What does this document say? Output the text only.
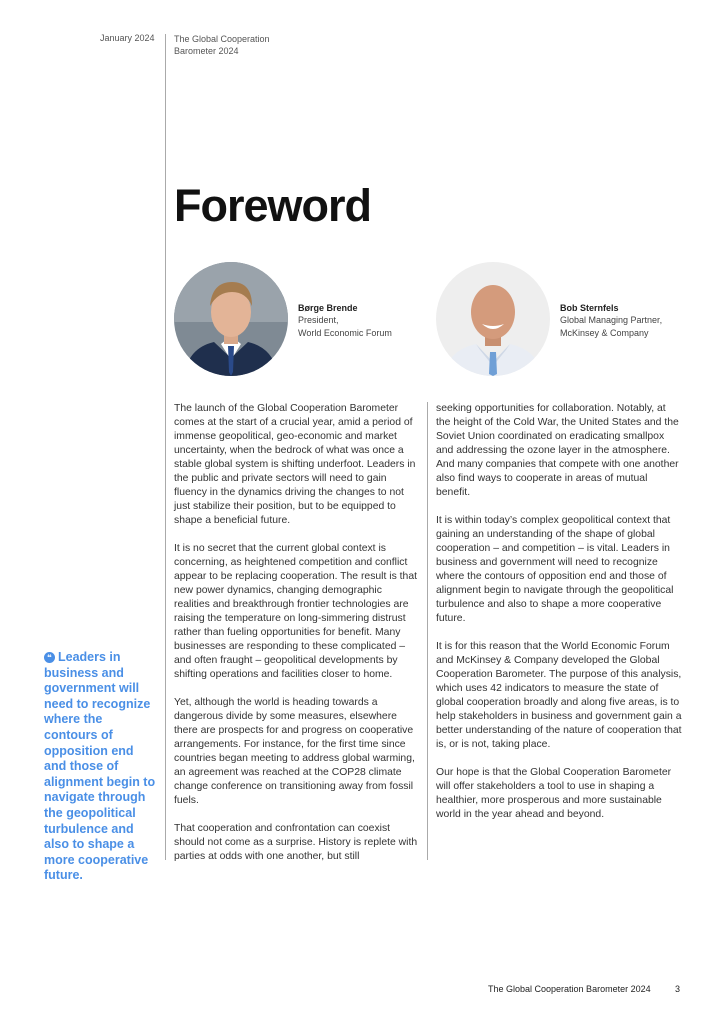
January 2024 The Global Cooperation Barometer 2024
Foreword
Børge Brende
President,
World Economic Forum
Bob Sternfels
Global Managing Partner,
McKinsey & Company
❝ Leaders in business and government will need to recognize where the contours of opposition end and those of alignment begin to navigate through the geopolitical turbulence and also to shape a more cooperative future.

The launch of the Global Cooperation Barometer comes at the start of a crucial year, amid a period of immense geopolitical, geo-economic and market uncertainty, when the bedrock of what was once a stable global system is shifting underfoot. Leaders in the public and private sectors will need to gain fluency in the dynamics driving the changes to not just stabilize their position, but to be equipped to shape a beneficial future.

It is no secret that the current global context is concerning, as heightened competition and conflict appear to be replacing cooperation. The result is that new power dynamics, changing demographic realities and breakthrough frontier technologies are raising the temperature on long-simmering distrust rather than fueling opportunities for benefit. Many businesses are responding to these complicated – and often fraught – geopolitical developments by shifting operations and facilities closer to home.

Yet, although the world is heading towards a dangerous divide by some measures, elsewhere there are prospects for and progress on cooperative arrangements. For instance, for the first time since countries began meeting to address global warming, an agreement was reached at the COP28 climate change conference on transitioning away from fossil fuels.

That cooperation and confrontation can coexist should not come as a surprise. History is replete with parties at odds with one another, but still

seeking opportunities for collaboration. Notably, at the height of the Cold War, the United States and the Soviet Union coordinated on eradicating smallpox and addressing the ozone layer in the atmosphere. And many companies that compete with one another also find ways to cooperate in areas of mutual benefit.

It is within today’s complex geopolitical context that gaining an understanding of the shape of global cooperation – and competition – is vital. Leaders in business and government will need to recognize where the contours of opposition end and those of alignment begin to navigate through the geopolitical turbulence and also to shape a more cooperative future.

It is for this reason that the World Economic Forum and McKinsey & Company developed the Global Cooperation Barometer. The purpose of this analysis, which uses 42 indicators to measure the state of global cooperation broadly and along five areas, is to help stakeholders in business and government gain a better understanding of the nature of cooperation that is, or is not, taking place.

Our hope is that the Global Cooperation Barometer will offer stakeholders a tool to use in shaping a healthier, more prosperous and more sustainable world in the year ahead and beyond.

The Global Cooperation Barometer 2024	3
